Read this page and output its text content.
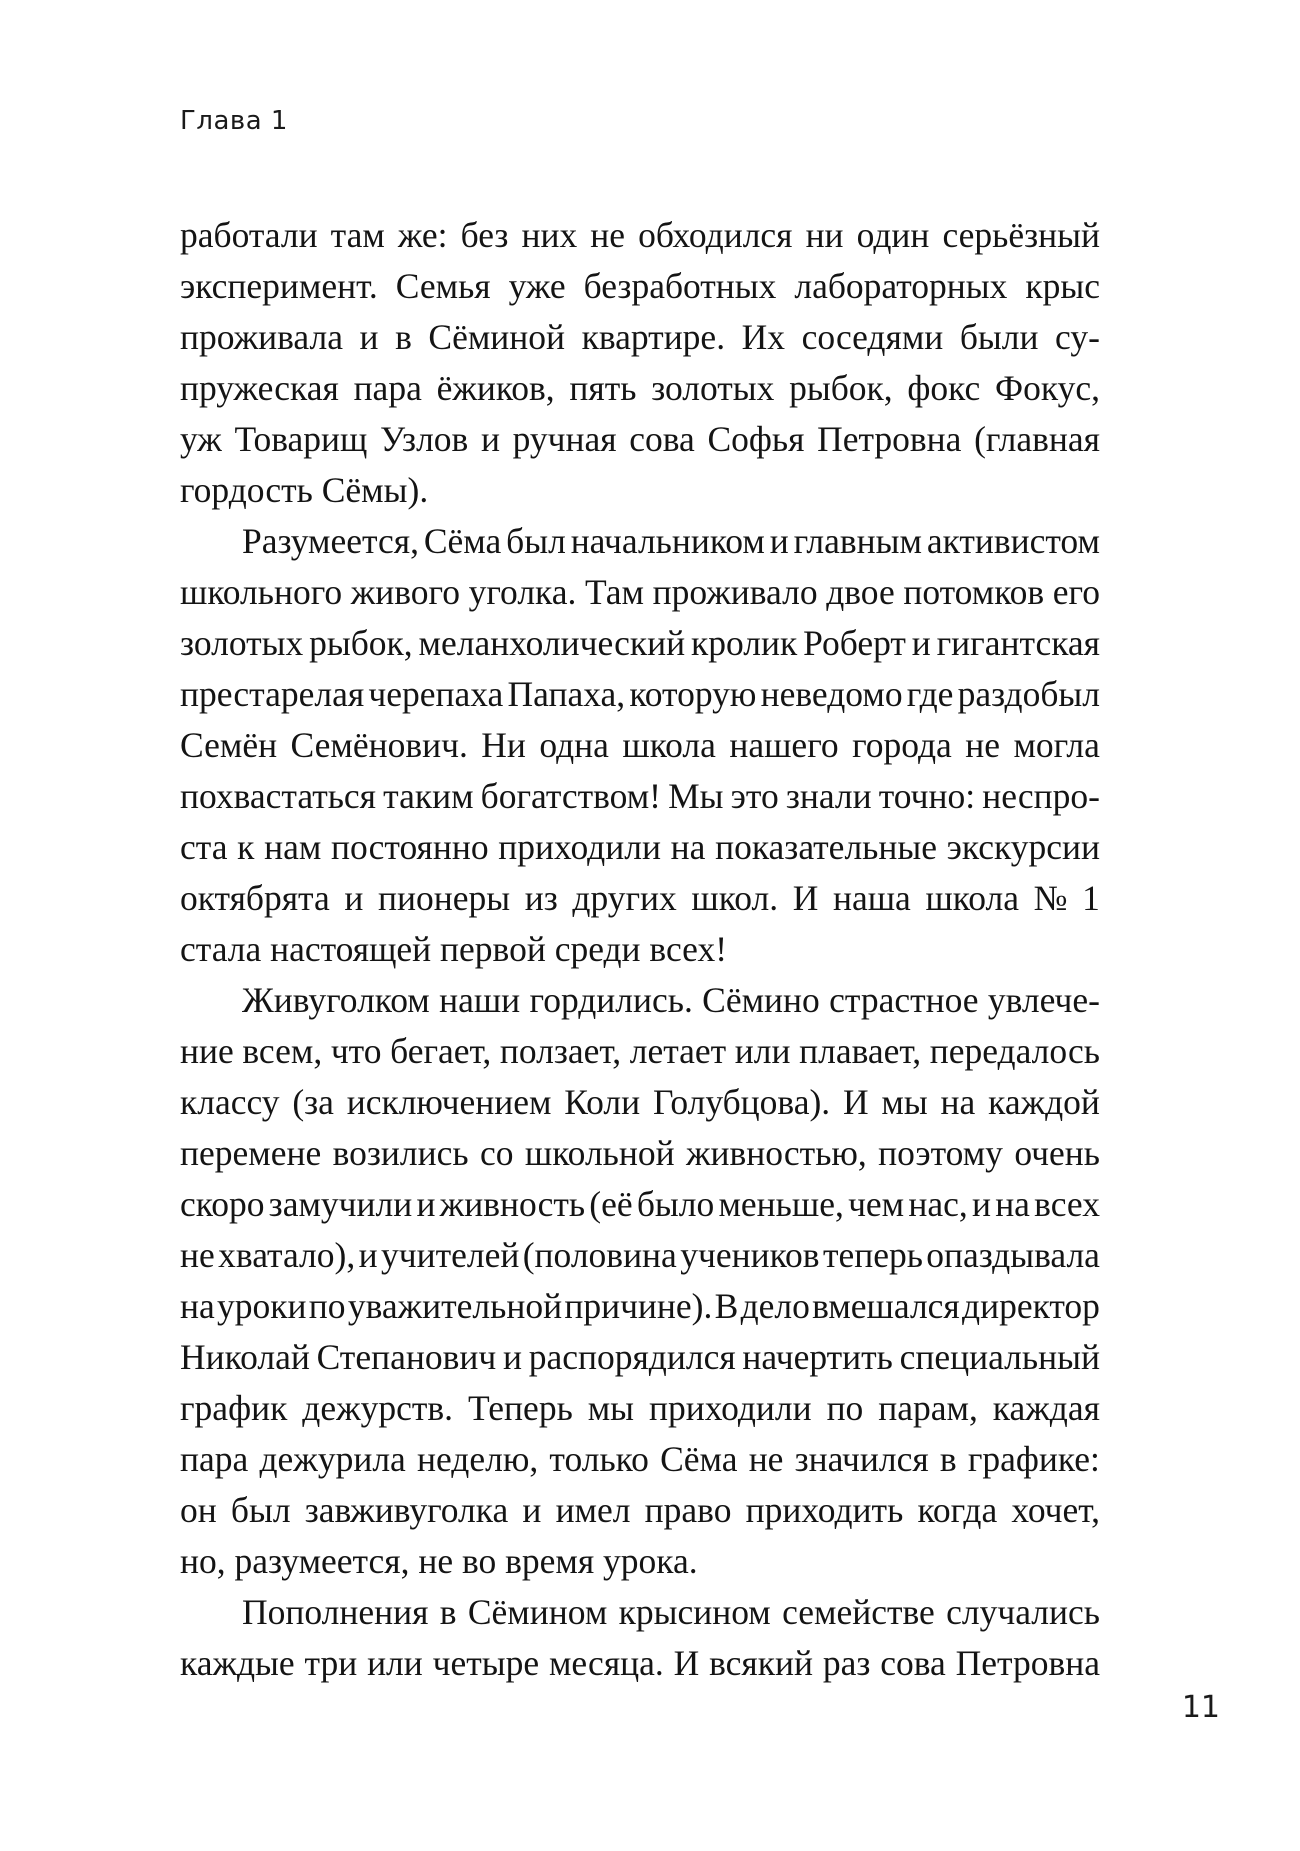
Глава 1
работали там же: без них не обходился ни один серьёзный
эксперимент. Семья уже безработных лабораторных крыс
проживала и в Сёминой квартире. Их соседями были су-
пружеская пара ёжиков, пять золотых рыбок, фокс Фокус,
уж Товарищ Узлов и ручная сова Софья Петровна (главная
гордость Сёмы).
Разумеется, Сёма был начальником и главным активистом
школьного живого уголка. Там проживало двое потомков его
золотых рыбок, меланхолический кролик Роберт и гигантская
престарелая черепаха Папаха, которую неведомо где раздобыл
Семён Семёнович. Ни одна школа нашего города не могла
похвастаться таким богатством! Мы это знали точно: неспро-
ста к нам постоянно приходили на показательные экскурсии
октябрята и пионеры из других школ. И наша школа № 1
стала настоящей первой среди всех!
Живуголком наши гордились. Сёмино страстное увлече-
ние всем, что бегает, ползает, летает или плавает, передалось
классу (за исключением Коли Голубцова). И мы на каждой
перемене возились со школьной живностью, поэтому очень
скоро замучили и живность (её было меньше, чем нас, и на всех
не хватало), и учителей (половина учеников теперь опаздывала
на уроки по уважительной причине). В дело вмешался директор
Николай Степанович и распорядился начертить специальный
график дежурств. Теперь мы приходили по парам, каждая
пара дежурила неделю, только Сёма не значился в графике:
он был завживуголка и имел право приходить когда хочет,
но, разумеется, не во время урока.
Пополнения в Сёмином крысином семействе случались
каждые три или четыре месяца. И всякий раз сова Петровна
11
